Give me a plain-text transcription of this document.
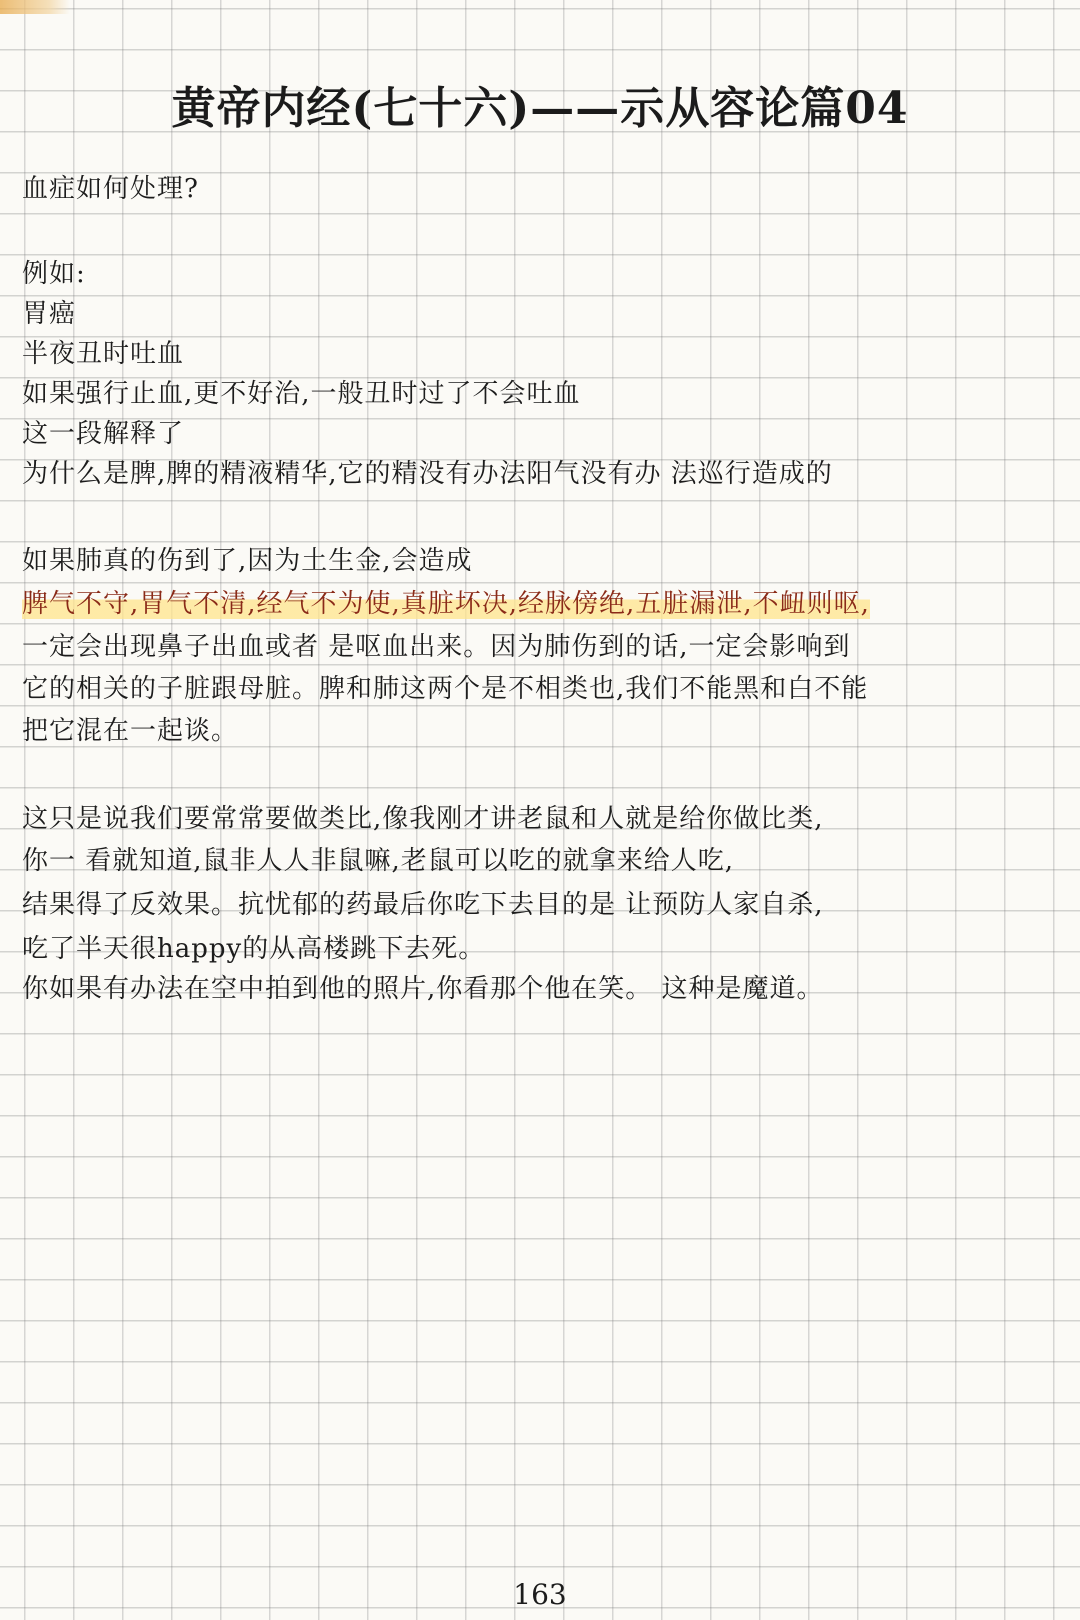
黄帝内经(七十六)——示从容论篇04
血症如何处理?
例如:
胃癌
半夜丑时吐血
如果强行止血,更不好治,一般丑时过了不会吐血
这一段解释了
为什么是脾,脾的精液精华,它的精没有办法阳气没有办 法巡行造成的
如果肺真的伤到了,因为土生金,会造成
脾气不守,胃气不清,经气不为使,真脏坏决,经脉傍绝,五脏漏泄,不衄则呕,
一定会出现鼻子出血或者 是呕血出来。因为肺伤到的话,一定会影响到
它的相关的子脏跟母脏。脾和肺这两个是不相类也,我们不能黑和白不能
把它混在一起谈。
这只是说我们要常常要做类比,像我刚才讲老鼠和人就是给你做比类,
你一 看就知道,鼠非人人非鼠嘛,老鼠可以吃的就拿来给人吃,
结果得了反效果。抗忧郁的药最后你吃下去目的是 让预防人家自杀,
吃了半天很happy的从高楼跳下去死。
你如果有办法在空中拍到他的照片,你看那个他在笑。 这种是魔道。
163
